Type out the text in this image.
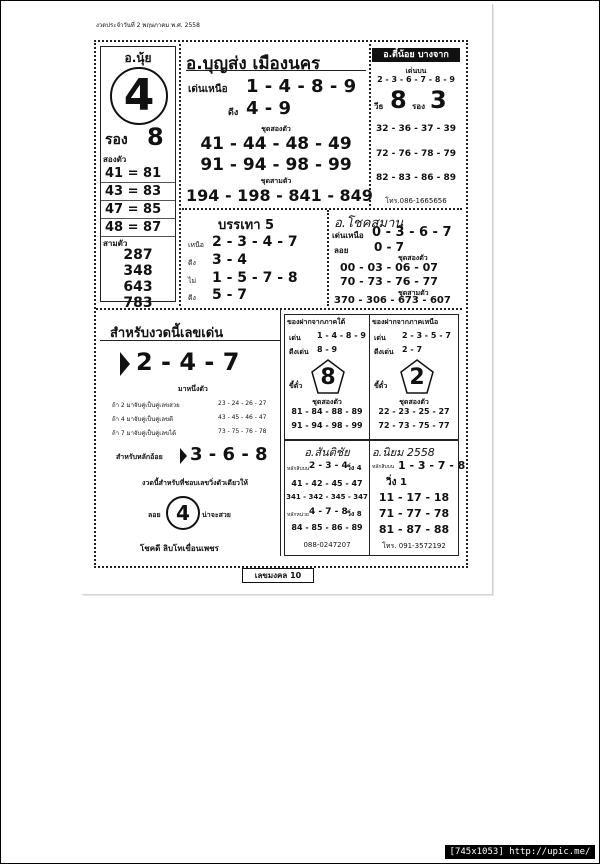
งวดประจำวันที่ 2 พฤษภาคม พ.ศ. 2558
อ.นุ้ย
4
รอง 8
สองตัว
41 = 81
43 = 83
47 = 85
48 = 87
สามตัว
287
348
643
783
อ.บุญส่ง เมืองนคร
เด่นเหนือ 1 - 4 - 8 - 9
ดีง 4 - 9
ชุดสองตัว
41 - 44 - 48 - 49
91 - 94 - 98 - 99
ชุดสามตัว
194 - 198 - 841 - 849
อ.ตี๋น้อย บางจาก
เด่นบน
2 - 3 - 6 - 7 - 8 - 9
วีธ 8 รอง 3
32 - 36 - 37 - 39
72 - 76 - 78 - 79
82 - 83 - 86 - 89
โทร.086-1665656
บรรเทา 5
เหนือ 2 - 3 - 4 - 7
ดีง 3 - 4
ไม่ 1 - 5 - 7 - 8
ดีง 5 - 7
อ.โชคสมาน
เด่นเหนือ 0 - 3 - 6 - 7
ลอย 0 - 7
ชุดสองตัว
00 - 03 - 06 - 07
70 - 73 - 76 - 77
ชุดสามตัว
370 - 306 - 673 - 607
สำหรับงวดนี้เลขเด่น
2 - 4 - 7
มาหนึ่งตัว
ถ้า 2 มาจับคู่เป็นคู่เลขสวย	23 - 24 - 26 - 27
ถ้า 4 มาจับคู่เป็นคู่เลขดี	43 - 45 - 46 - 47
ถ้า 7 มาจับคู่เป็นคู่เลขได้	73 - 75 - 76 - 78
สำหรับหลักอ้อย 3 - 6 - 8
งวดนี้สำหรับที่ชอบเลขวิ่งตัวเดียวให้
ลอย 4	น่าจะสวย
โชคดี ลิบโทเขื่อนเพชร
ของฝากจากภาคใต้
เด่น 1 - 4 - 8 - 9
ดีงเด่น 8 - 9
ขี้ตั๋ว 8
ชุดสองตัว
81 - 84 - 88 - 89
91 - 94 - 98 - 99
ของฝากจากภาคเหนือ
เด่น 2 - 3 - 5 - 7
ดีงเด่น 2 - 7
ขี้ตั๋ว	2
ชุดสองตัว
22 - 23 - 25 - 27
72 - 73 - 75 - 77
อ.สันติชัย
หลักสิบบน 2 - 3 - 4 วิ่ง 4
41 - 42 - 45 - 47
341 - 342 - 345 - 347
หลักหน่วย 4 - 7 - 8 วิ่ง 8
84 - 85 - 86 - 89
088-0247207
อ.นิยม 2558
หลักสิบบน 1 - 3 - 7 - 8
วิ่ง 1
11 - 17 - 18
71 - 77 - 78
81 - 87 - 88
โทร. 091-3572192
เลขมงคล 10
[745x1053] http://upic.me/
